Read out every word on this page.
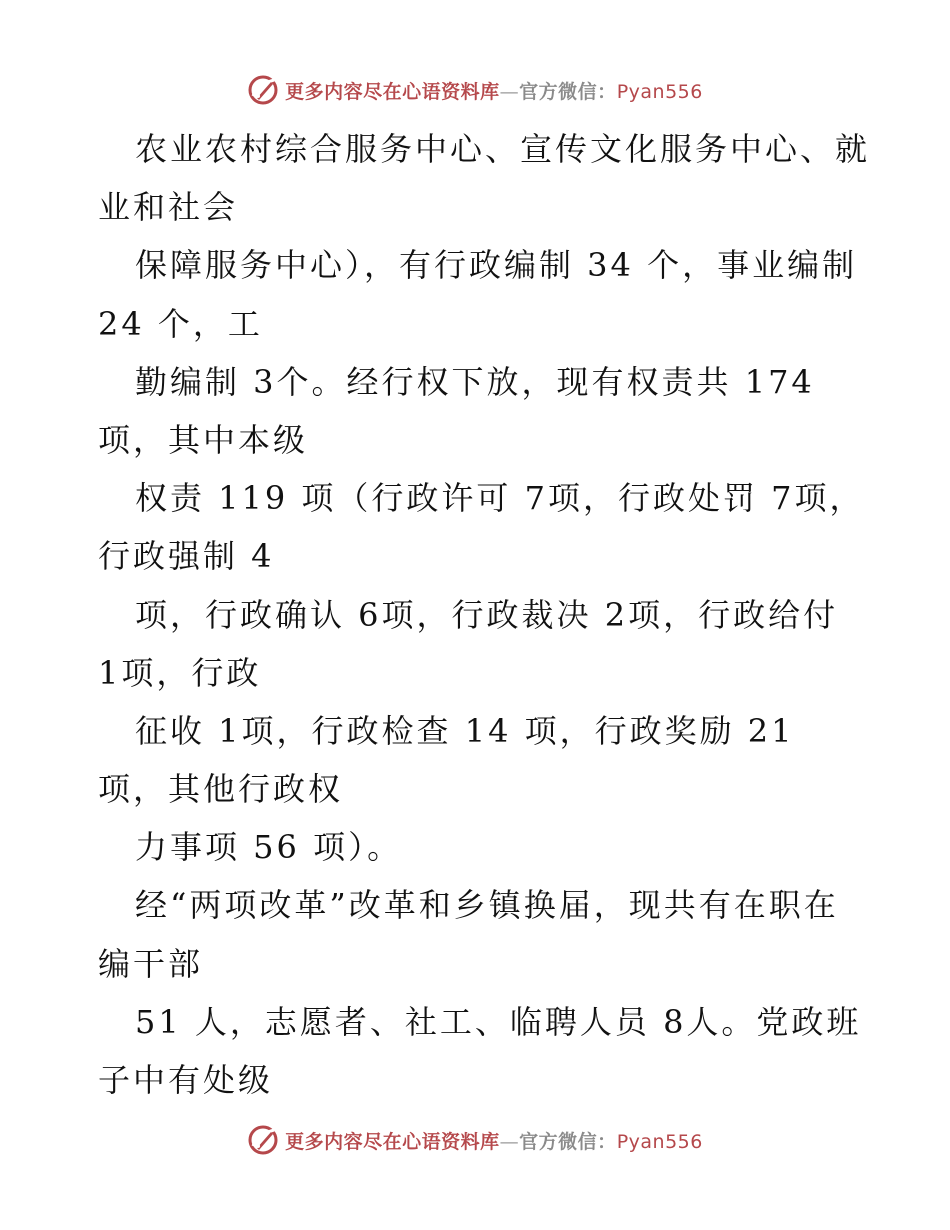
更多内容尽在心语资料库—官方微信：Pyan556
农业农村综合服务中心、宣传文化服务中心、就
业和社会
保障服务中心），有行政编制 34 个，事业编制
24 个，工
勤编制 3个。经行权下放，现有权责共 174
项，其中本级
权责 119 项（行政许可 7项，行政处罚 7项，
行政强制 4
项，行政确认 6项，行政裁决 2项，行政给付
1项，行政
征收 1项，行政检查 14 项，行政奖励 21
项，其他行政权
力事项 56 项）。
经“两项改革”改革和乡镇换届，现共有在职在
编干部
51 人，志愿者、社工、临聘人员 8人。党政班
子中有处级
更多内容尽在心语资料库—官方微信：Pyan556
